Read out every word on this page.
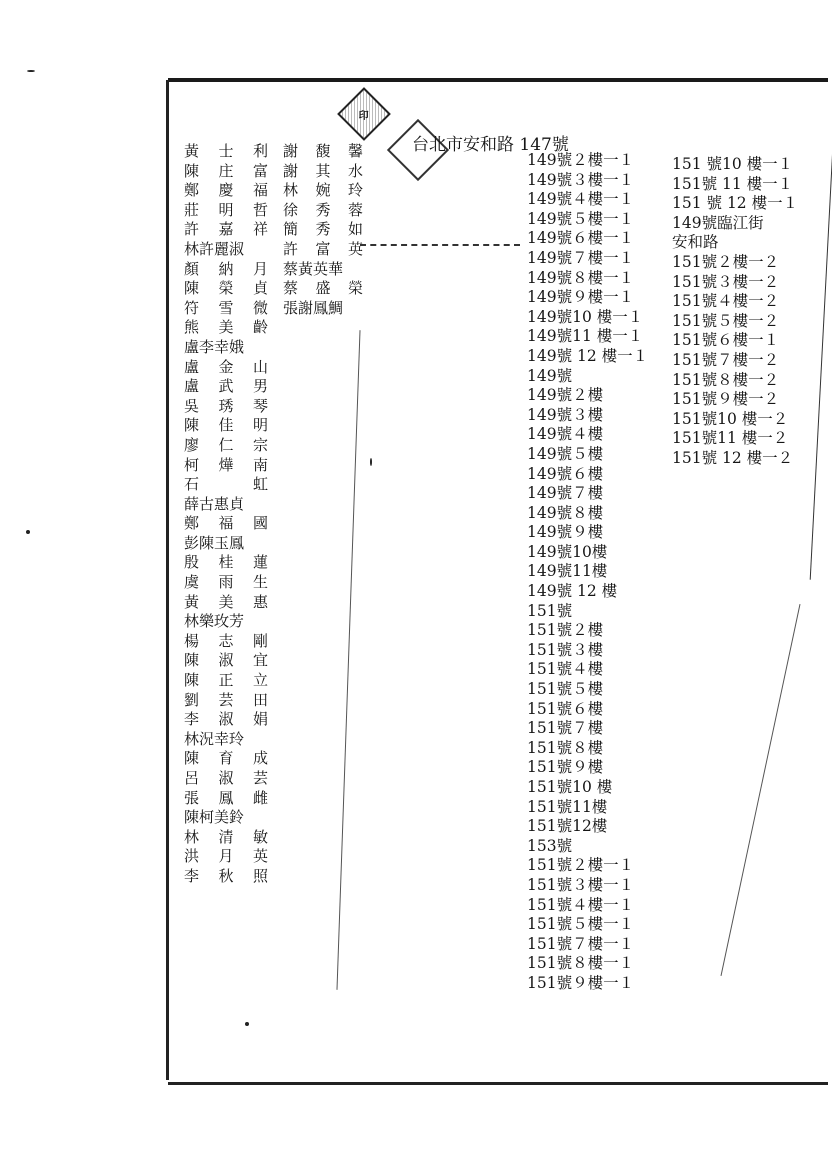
印
台北市安和路 147號
黃 士 利
陳 庄 富
鄭 慶 福
莊 明 哲
許 嘉 祥
林許麗淑
顏 納 月
陳 榮 貞
符 雪 微
熊 美 齡
盧李幸娥
盧 金 山
盧 武 男
吳 琇 琴
陳 佳 明
廖 仁 宗
柯 燁 南
石	虹
薛古惠貞
鄭 福 國
彭陳玉鳳
殷 桂 蓮
虞 雨 生
黃 美 惠
林樂玫芳
楊 志 剛
陳 淑 宜
陳 正 立
劉 芸 田
李 淑 娟
林況幸玲
陳 育 成
呂 淑 芸
張 鳳 雌
陳柯美鈴
林 清 敏
洪 月 英
李 秋 照
謝 馥 馨
謝 其 水
林 婉 玲
徐 秀 蓉
簡 秀 如
許 富 英
蔡黃英華
蔡 盛 榮
張謝鳳鯛
149號２樓一１
149號３樓一１
149號４樓一１
149號５樓一１
149號６樓一１
149號７樓一１
149號８樓一１
149號９樓一１
149號10 樓一１
149號11 樓一１
149號 12 樓一１
149號
149號２樓
149號３樓
149號４樓
149號５樓
149號６樓
149號７樓
149號８樓
149號９樓
149號10樓
149號11樓
149號 12 樓
151號
151號２樓
151號３樓
151號４樓
151號５樓
151號６樓
151號７樓
151號８樓
151號９樓
151號10 樓
151號11樓
151號12樓
153號
151號２樓一１
151號３樓一１
151號４樓一１
151號５樓一１
151號７樓一１
151號８樓一１
151號９樓一１
151 號10 樓一１
151號 11 樓一１
151 號 12 樓一１
149號臨江街
安和路
151號２樓一２
151號３樓一２
151號４樓一２
151號５樓一２
151號６樓一１
151號７樓一２
151號８樓一２
151號９樓一２
151號10 樓一２
151號11 樓一２
151號 12 樓一２
